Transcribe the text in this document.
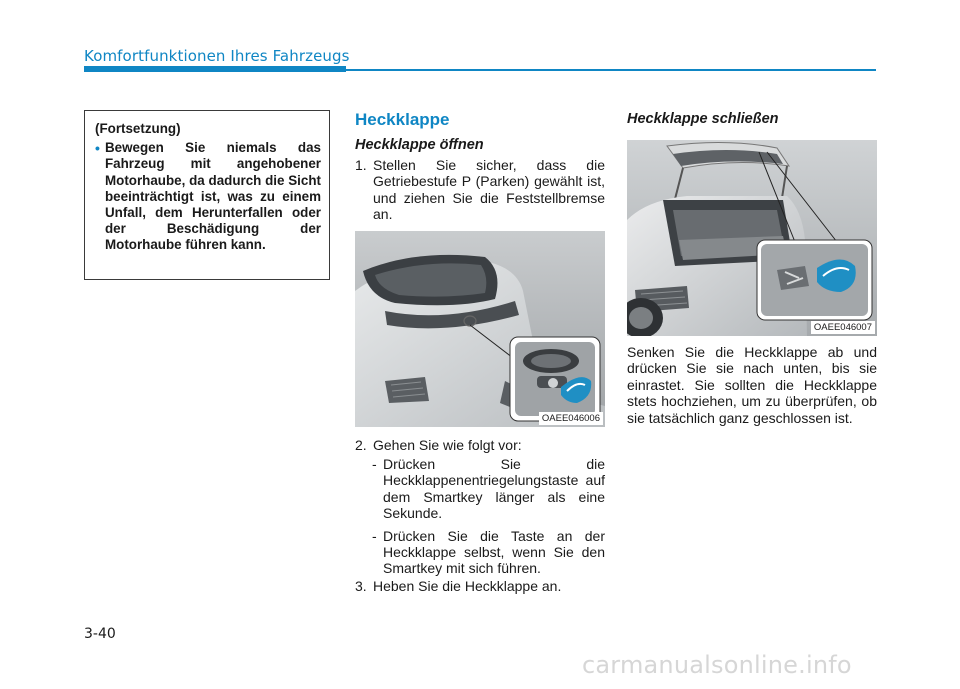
Komfortfunktionen Ihres Fahrzeugs
(Fortsetzung)
• Bewegen Sie niemals das Fahrzeug mit angehobener Motorhaube, da dadurch die Sicht beeinträchtigt ist, was zu einem Unfall, dem Herunterfallen oder der Beschädigung der Motorhaube führen kann.
Heckklappe
Heckklappe öffnen
1. Stellen Sie sicher, dass die Getriebestufe P (Parken) gewählt ist, und ziehen Sie die Feststellbremse an.
OAEE046006
2. Gehen Sie wie folgt vor:
- Drücken Sie die Heckklappenentriegelungstaste auf dem Smartkey länger als eine Sekunde.
- Drücken Sie die Taste an der Heckklappe selbst, wenn Sie den Smartkey mit sich führen.
3. Heben Sie die Heckklappe an.
Heckklappe schließen
OAEE046007
Senken Sie die Heckklappe ab und drücken Sie sie nach unten, bis sie einrastet. Sie sollten die Heckklappe stets hochziehen, um zu überprüfen, ob sie tatsächlich ganz geschlossen ist.
3-40
carmanualsonline.info
